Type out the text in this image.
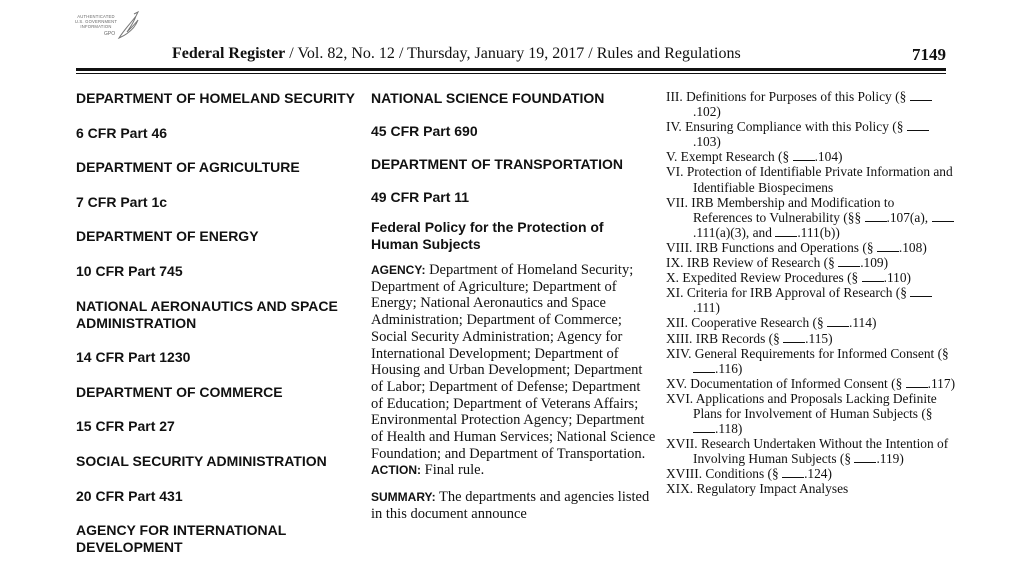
AUTHENTICATED
U.S. GOVERNMENT
INFORMATION
GPO
Federal Register / Vol. 82, No. 12 / Thursday, January 19, 2017 / Rules and Regulations	7149
DEPARTMENT OF HOMELAND SECURITY
6 CFR Part 46
DEPARTMENT OF AGRICULTURE
7 CFR Part 1c
DEPARTMENT OF ENERGY
10 CFR Part 745
NATIONAL AERONAUTICS AND SPACE ADMINISTRATION
14 CFR Part 1230
DEPARTMENT OF COMMERCE
15 CFR Part 27
SOCIAL SECURITY ADMINISTRATION
20 CFR Part 431
AGENCY FOR INTERNATIONAL DEVELOPMENT
NATIONAL SCIENCE FOUNDATION
45 CFR Part 690
DEPARTMENT OF TRANSPORTATION
49 CFR Part 11
Federal Policy for the Protection of Human Subjects
AGENCY: Department of Homeland Security; Department of Agriculture; Department of Energy; National Aeronautics and Space Administration; Department of Commerce; Social Security Administration; Agency for International Development; Department of Housing and Urban Development; Department of Labor; Department of Defense; Department of Education; Department of Veterans Affairs; Environmental Protection Agency; Department of Health and Human Services; National Science Foundation; and Department of Transportation.
ACTION: Final rule.
SUMMARY: The departments and agencies listed in this document announce
III. Definitions for Purposes of this Policy (§ .102)
IV. Ensuring Compliance with this Policy (§ .103)
V. Exempt Research (§ .104)
VI. Protection of Identifiable Private Information and Identifiable Biospecimens
VII. IRB Membership and Modification to References to Vulnerability (§§ .107(a), .111(a)(3), and .111(b))
VIII. IRB Functions and Operations (§ .108)
IX. IRB Review of Research (§ .109)
X. Expedited Review Procedures (§ .110)
XI. Criteria for IRB Approval of Research (§ .111)
XII. Cooperative Research (§ .114)
XIII. IRB Records (§ .115)
XIV. General Requirements for Informed Consent (§ .116)
XV. Documentation of Informed Consent (§ .117)
XVI. Applications and Proposals Lacking Definite Plans for Involvement of Human Subjects (§ .118)
XVII. Research Undertaken Without the Intention of Involving Human Subjects (§ .119)
XVIII. Conditions (§ .124)
XIX. Regulatory Impact Analyses
